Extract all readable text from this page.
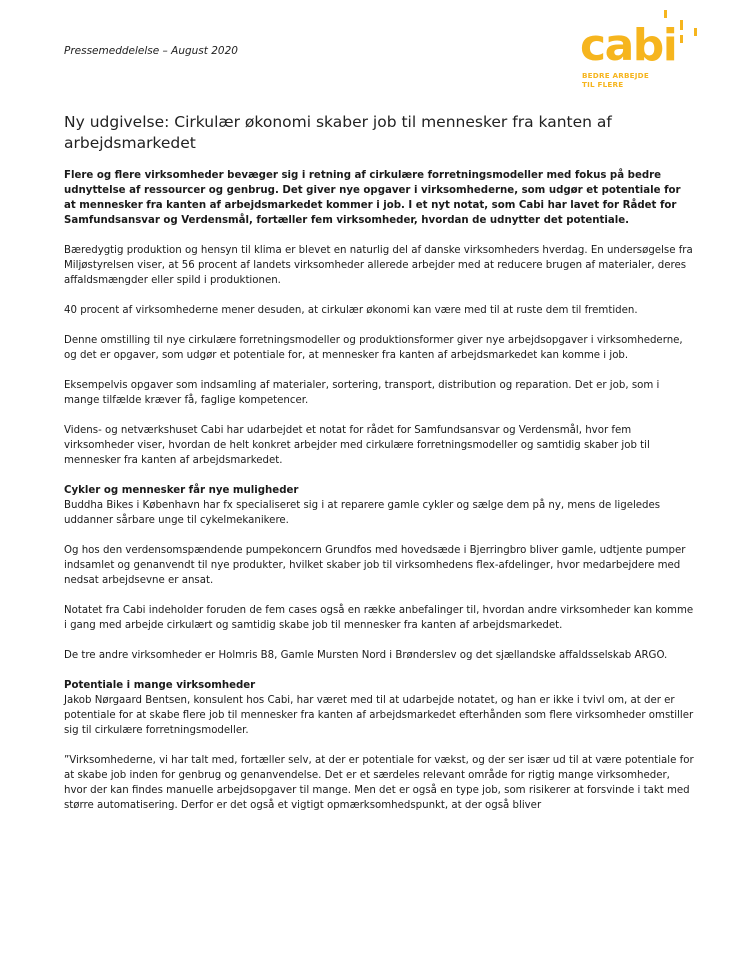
Pressemeddelelse – August 2020	cabi
BEDRE ARBEJDE
TIL FLERE
Ny udgivelse: Cirkulær økonomi skaber job til mennesker fra kanten af arbejdsmarkedet

Flere og flere virksomheder bevæger sig i retning af cirkulære forretningsmodeller med fokus på bedre udnyttelse af ressourcer og genbrug. Det giver nye opgaver i virksomhederne, som udgør et potentiale for at mennesker fra kanten af arbejdsmarkedet kommer i job. I et nyt notat, som Cabi har lavet for Rådet for Samfundsansvar og Verdensmål, fortæller fem virksomheder, hvordan de udnytter det potentiale.

Bæredygtig produktion og hensyn til klima er blevet en naturlig del af danske virksomheders hverdag. En undersøgelse fra Miljøstyrelsen viser, at 56 procent af landets virksomheder allerede arbejder med at reducere brugen af materialer, deres affaldsmængder eller spild i produktionen.

40 procent af virksomhederne mener desuden, at cirkulær økonomi kan være med til at ruste dem til fremtiden.

Denne omstilling til nye cirkulære forretningsmodeller og produktionsformer giver nye arbejdsopgaver i virksomhederne, og det er opgaver, som udgør et potentiale for, at mennesker fra kanten af arbejdsmarkedet kan komme i job.

Eksempelvis opgaver som indsamling af materialer, sortering, transport, distribution og reparation. Det er job, som i mange tilfælde kræver få, faglige kompetencer.

Videns- og netværkshuset Cabi har udarbejdet et notat for rådet for Samfundsansvar og Verdensmål, hvor fem virksomheder viser, hvordan de helt konkret arbejder med cirkulære forretningsmodeller og samtidig skaber job til mennesker fra kanten af arbejdsmarkedet.

Cykler og mennesker får nye muligheder
Buddha Bikes i København har fx specialiseret sig i at reparere gamle cykler og sælge dem på ny, mens de ligeledes uddanner sårbare unge til cykelmekanikere.

Og hos den verdensomspændende pumpekoncern Grundfos med hovedsæde i Bjerringbro bliver gamle, udtjente pumper indsamlet og genanvendt til nye produkter, hvilket skaber job til virksomhedens flex-afdelinger, hvor medarbejdere med nedsat arbejdsevne er ansat.

Notatet fra Cabi indeholder foruden de fem cases også en række anbefalinger til, hvordan andre virksomheder kan komme i gang med arbejde cirkulært og samtidig skabe job til mennesker fra kanten af arbejdsmarkedet.

De tre andre virksomheder er Holmris B8, Gamle Mursten Nord i Brønderslev og det sjællandske affaldsselskab ARGO.

Potentiale i mange virksomheder
Jakob Nørgaard Bentsen, konsulent hos Cabi, har været med til at udarbejde notatet, og han er ikke i tvivl om, at der er potentiale for at skabe flere job til mennesker fra kanten af arbejdsmarkedet efterhånden som flere virksomheder omstiller sig til cirkulære forretningsmodeller.

”Virksomhederne, vi har talt med, fortæller selv, at der er potentiale for vækst, og der ser især ud til at være potentiale for at skabe job inden for genbrug og genanvendelse. Det er et særdeles relevant område for rigtig mange virksomheder, hvor der kan findes manuelle arbejdsopgaver til mange. Men det er også en type job, som risikerer at forsvinde i takt med større automatisering. Derfor er det også et vigtigt opmærksomhedspunkt, at der også bliver
